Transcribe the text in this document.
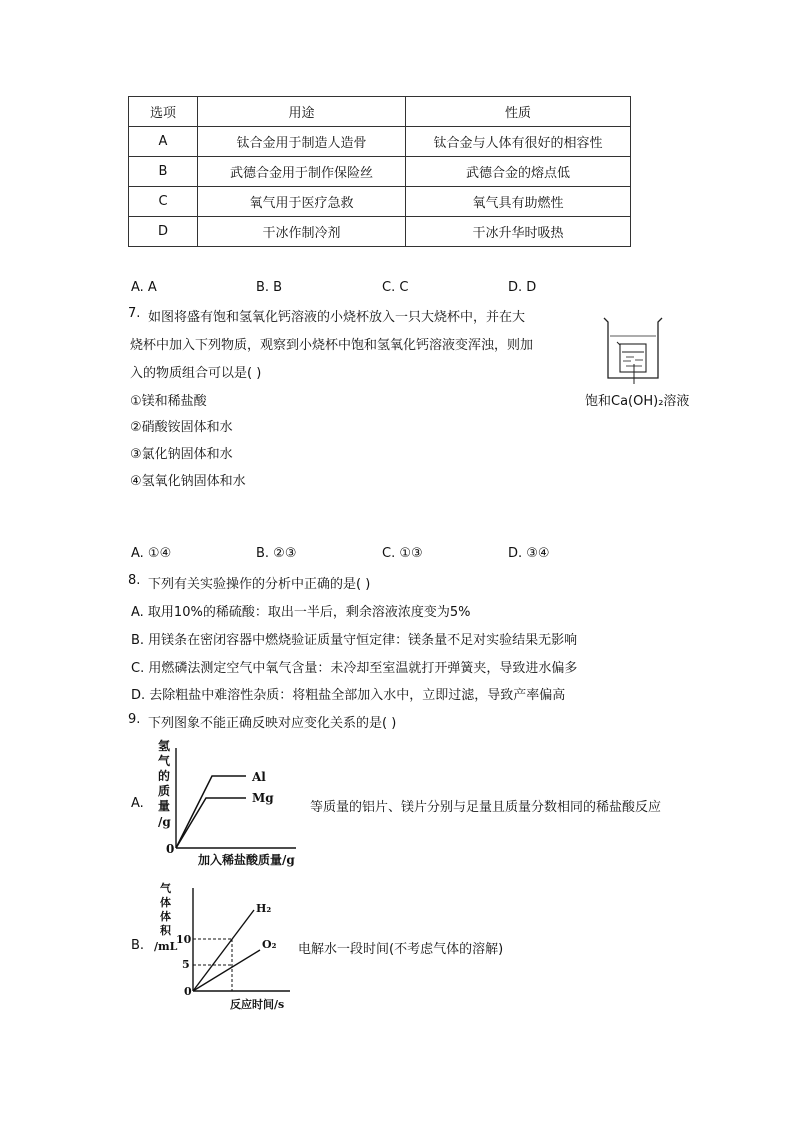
选项	用途	性质
A	钛合金用于制造人造骨	钛合金与人体有很好的相容性
B	武德合金用于制作保险丝	武德合金的熔点低
C	氧气用于医疗急救	氧气具有助燃性
D	干冰作制冷剂	干冰升华时吸热
A. A	B. B	C. C	D. D
7. 如图将盛有饱和氢氧化钙溶液的小烧杯放入一只大烧杯中，并在大
烧杯中加入下列物质，观察到小烧杯中饱和氢氧化钙溶液变浑浊，则加
入的物质组合可以是( )
①镁和稀盐酸
②硝酸铵固体和水
③氯化钠固体和水
④氢氧化钠固体和水
饱和Ca(OH)₂溶液
A. ①④	B. ②③	C. ①③	D. ③④
8. 下列有关实验操作的分析中正确的是( )
A. 取用10%的稀硫酸：取出一半后，剩余溶液浓度变为5%
B. 用镁条在密闭容器中燃烧验证质量守恒定律：镁条量不足对实验结果无影响
C. 用燃磷法测定空气中氧气含量：未冷却至室温就打开弹簧夹，导致进水偏多
D. 去除粗盐中难溶性杂质：将粗盐全部加入水中，立即过滤，导致产率偏高
9. 下列图象不能正确反映对应变化关系的是( )
A.
氢
气
的
质
量
/g
0
加入稀盐酸质量/g
Al
Mg
等质量的铝片、镁片分别与足量且质量分数相同的稀盐酸反应
B.
气
体
体
积
/mL
10
5
0
反应时间/s
H₂
O₂ 电解水一段时间(不考虑气体的溶解)
